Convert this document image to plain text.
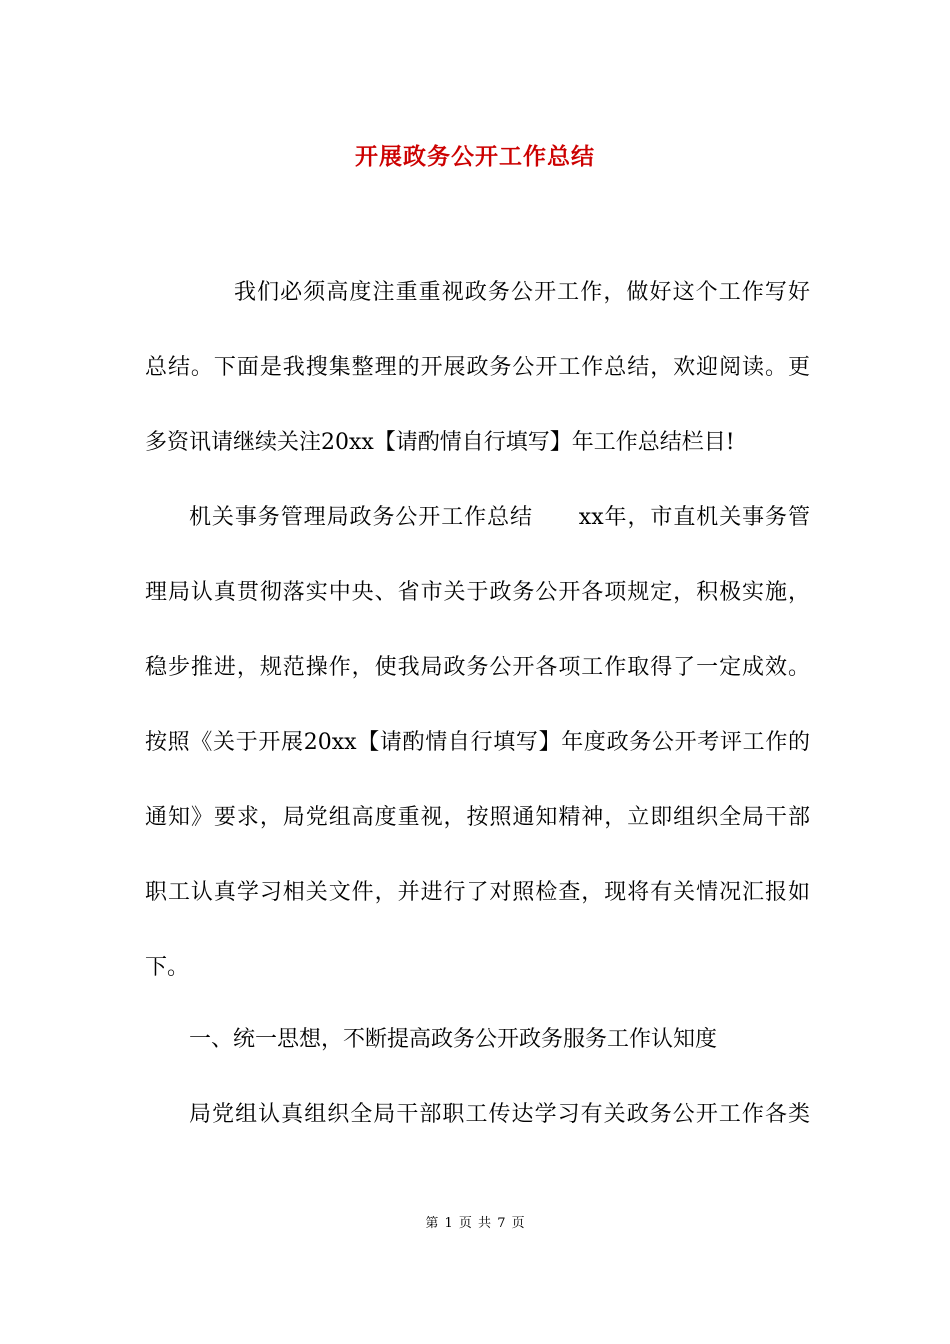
开展政务公开工作总结
我们必须高度注重重视政务公开工作，做好这个工作写好
总结。下面是我搜集整理的开展政务公开工作总结，欢迎阅读。更
多资讯请继续关注20xx【请酌情自行填写】年工作总结栏目!
机关事务管理局政务公开工作总结　　xx年，市直机关事务管
理局认真贯彻落实中央、省市关于政务公开各项规定，积极实施，
稳步推进，规范操作，使我局政务公开各项工作取得了一定成效。
按照《关于开展20xx【请酌情自行填写】年度政务公开考评工作的
通知》要求，局党组高度重视，按照通知精神，立即组织全局干部
职工认真学习相关文件，并进行了对照检查，现将有关情况汇报如
下。
一、统一思想，不断提高政务公开政务服务工作认知度
局党组认真组织全局干部职工传达学习有关政务公开工作各类
第 1 页 共 7 页
